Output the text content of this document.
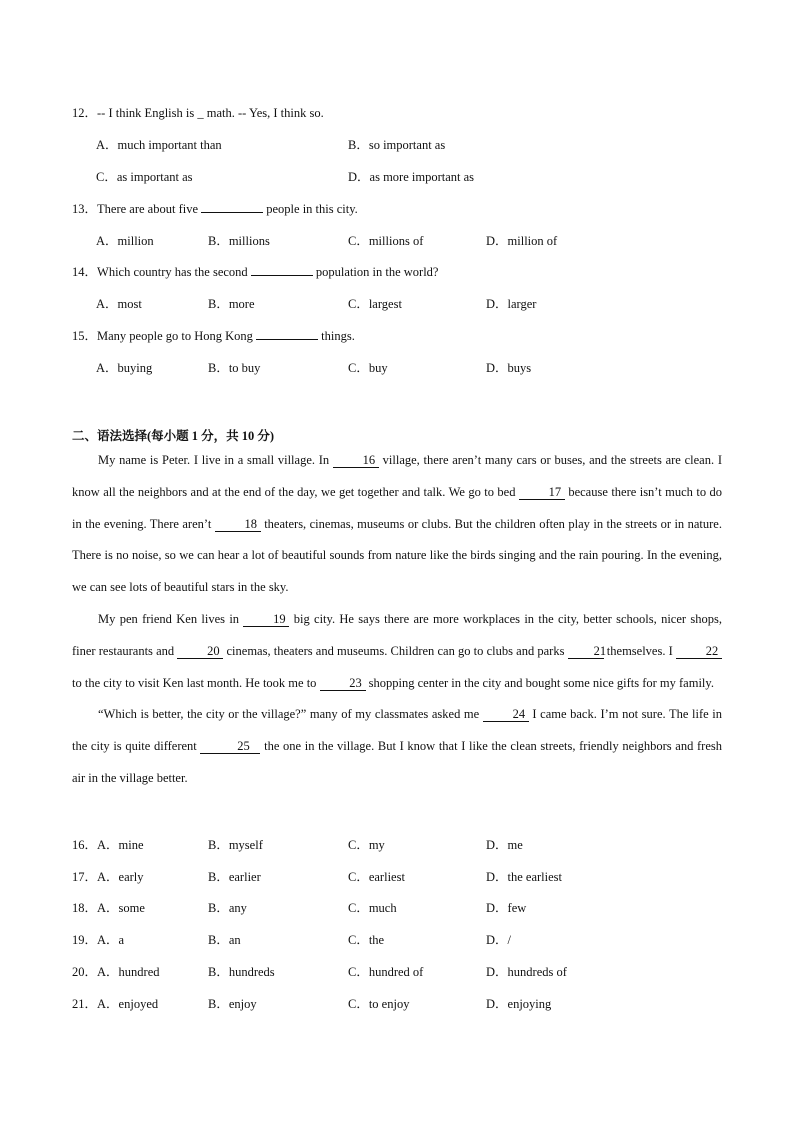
12．-- I think English is _ math. -- Yes, I think so.
A．much important than	B．so important as
C．as important as	D．as more important as
13．There are about five	people in this city.
A．million	B．millions	C．millions of	D．million of
14．Which country has the second	population in the world?
A．most	B．more	C．largest	D．larger
15．Many people go to Hong Kong	things.
A．buying	B．to buy	C．buy	D．buys
二、语法选择(每小题 1 分，共 10 分)

My name is Peter. I live in a small village. In 16 village, there aren’t many cars or buses, and the streets are clean. I know all the neighbors and at the end of the day, we get together and talk. We go to bed 17 because there isn’t much to do in the evening. There aren’t 18 theaters, cinemas, museums or clubs. But the children often play in the streets or in nature. There is no noise, so we can hear a lot of beautiful sounds from nature like the birds singing and the rain pouring. In the evening, we can see lots of beautiful stars in the sky.

My pen friend Ken lives in 19 big city. He says there are more workplaces in the city, better schools, nicer shops, finer restaurants and 20 cinemas, theaters and museums. Children can go to clubs and parks 21 themselves. I 22 to the city to visit Ken last month. He took me to 23 shopping center in the city and bought some nice gifts for my family.

“Which is better, the city or the village?” many of my classmates asked me 24 I came back. I’m not sure. The life in the city is quite different	25 the one in the village. But I know that I like the clean streets, friendly neighbors and fresh air in the village better.

16．A．mine	B．myself	C．my	D．me
17．A．early	B．earlier	C．earliest	D．the earliest
18．A．some	B．any	C．much	D．few
19．A．a	B．an	C．the	D．/
20．A．hundred	B．hundreds	C．hundred of	D．hundreds of
21．A．enjoyed	B．enjoy	C．to enjoy	D．enjoying
